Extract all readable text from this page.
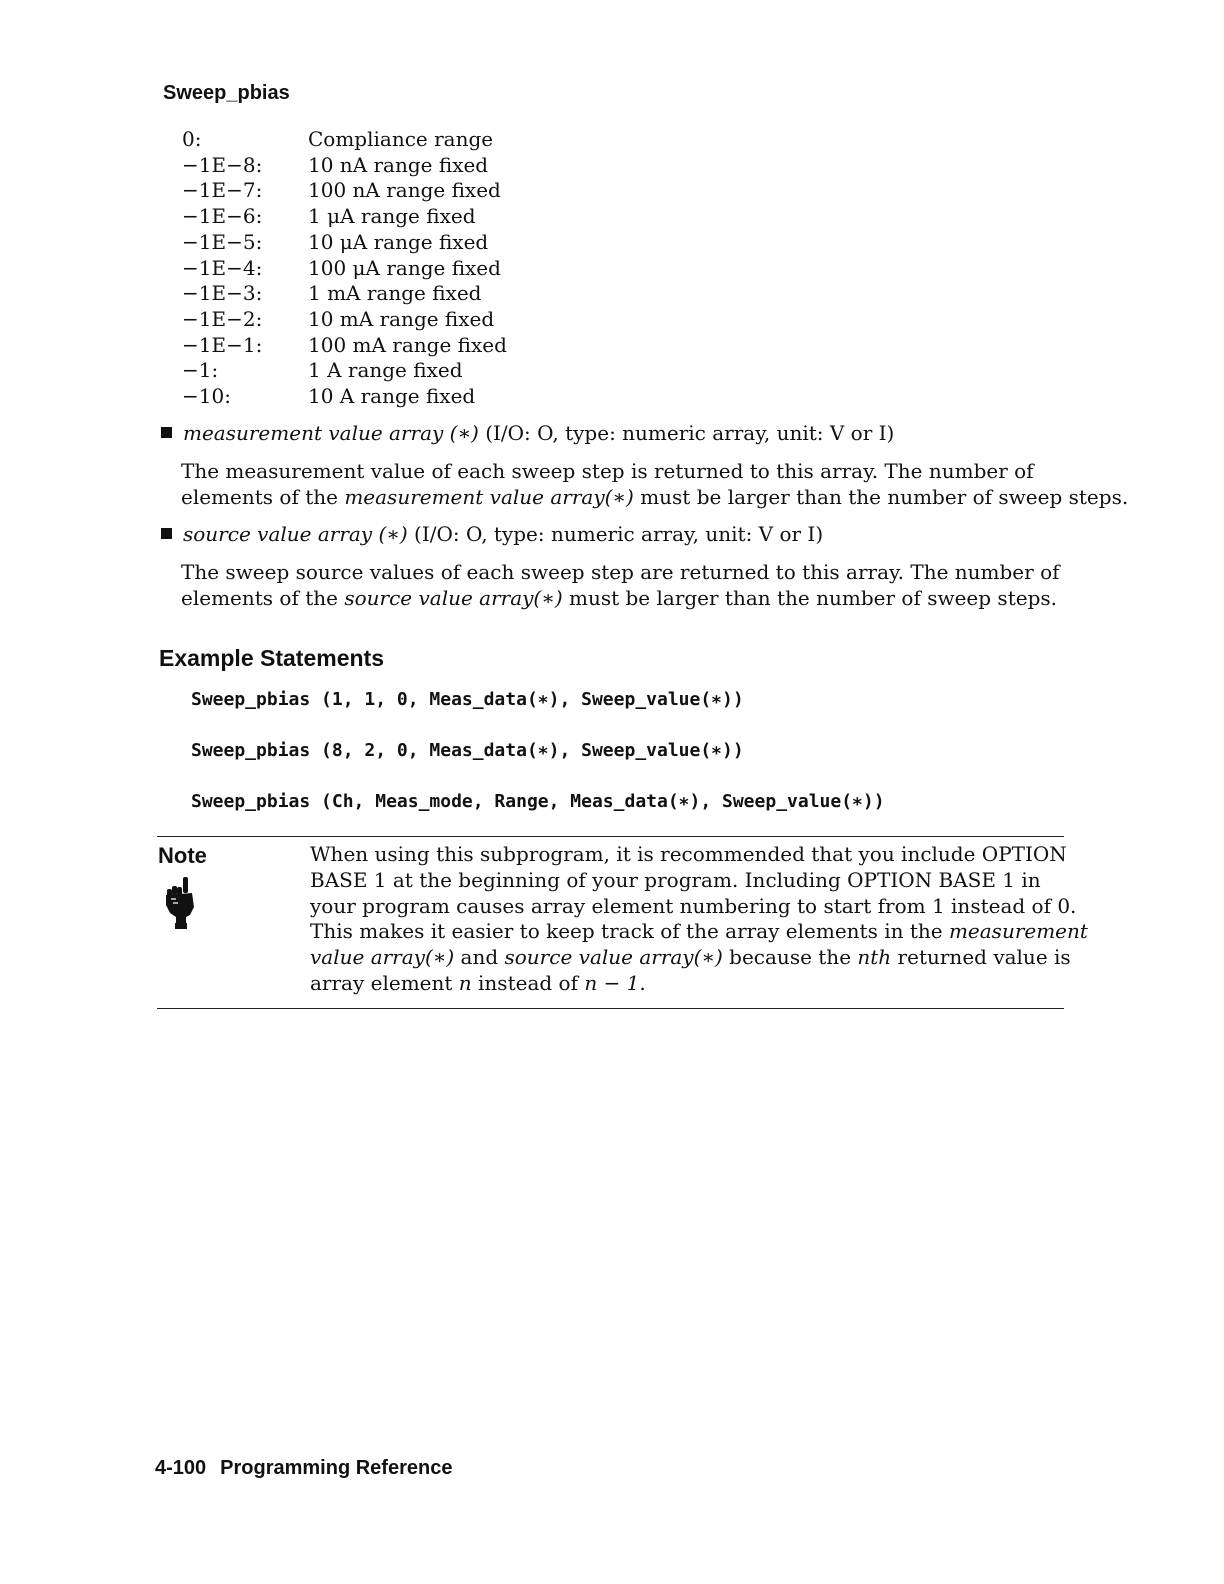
Sweep_pbias
0:	Compliance range
−1E−8:	10 nA range fixed
−1E−7:	100 nA range fixed
−1E−6:	1 μA range fixed
−1E−5:	10 μA range fixed
−1E−4:	100 μA range fixed
−1E−3:	1 mA range fixed
−1E−2:	10 mA range fixed
−1E−1:	100 mA range fixed
−1:	1 A range fixed
−10:	10 A range fixed
measurement value array (∗) (I/O: O, type: numeric array, unit: V or I)

The measurement value of each sweep step is returned to this array. The number of

elements of the measurement value array(∗) must be larger than the number of sweep steps.

source value array (∗) (I/O: O, type: numeric array, unit: V or I)

The sweep source values of each sweep step are returned to this array. The number of

elements of the source value array(∗) must be larger than the number of sweep steps.

Example Statements
Sweep_pbias (1, 1, 0, Meas_data(∗), Sweep_value(∗))
Sweep_pbias (8, 2, 0, Meas_data(∗), Sweep_value(∗))
Sweep_pbias (Ch, Meas_mode, Range, Meas_data(∗), Sweep_value(∗))
Note	When using this subprogram, it is recommended that you include OPTION

BASE 1 at the beginning of your program. Including OPTION BASE 1 in

your program causes array element numbering to start from 1 instead of 0.

This makes it easier to keep track of the array elements in the measurement

value array(∗) and source value array(∗) because the nth returned value is

array element n instead of n − 1.

4-100 Programming Reference
